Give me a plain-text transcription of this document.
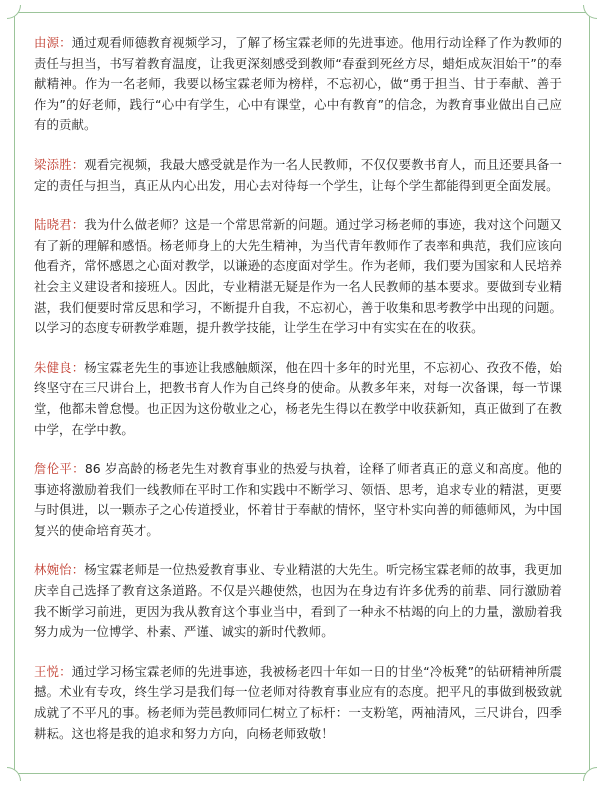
由源：通过观看师德教育视频学习，了解了杨宝霖老师的先进事迹。他用行动诠释了作为教师的责任与担当，书写着教育温度，让我更深刻感受到教师“春蚕到死丝方尽，蜡炬成灰泪始干”的奉献精神。作为一名老师，我要以杨宝霖老师为榜样，不忘初心，做“勇于担当、甘于奉献、善于作为”的好老师，践行“心中有学生，心中有课堂，心中有教育”的信念，为教育事业做出自己应有的贡献。

梁添胜：观看完视频，我最大感受就是作为一名人民教师，不仅仅要教书育人，而且还要具备一定的责任与担当，真正从内心出发，用心去对待每一个学生，让每个学生都能得到更全面发展。

陆晓君：我为什么做老师？这是一个常思常新的问题。通过学习杨老师的事迹，我对这个问题又有了新的理解和感悟。杨老师身上的大先生精神，为当代青年教师作了表率和典范，我们应该向他看齐，常怀感恩之心面对教学，以谦逊的态度面对学生。作为老师，我们要为国家和人民培养社会主义建设者和接班人。因此，专业精湛无疑是作为一名人民教师的基本要求。要做到专业精湛，我们便要时常反思和学习，不断提升自我，不忘初心，善于收集和思考教学中出现的问题。以学习的态度专研教学难题，提升教学技能，让学生在学习中有实实在在的收获。

朱健良：杨宝霖老先生的事迹让我感触颇深，他在四十多年的时光里，不忘初心、孜孜不倦，始终坚守在三尺讲台上，把教书育人作为自己终身的使命。从教多年来，对每一次备课，每一节课堂，他都未曾怠慢。也正因为这份敬业之心，杨老先生得以在教学中收获新知，真正做到了在教中学，在学中教。

詹伦平：86 岁高龄的杨老先生对教育事业的热爱与执着，诠释了师者真正的意义和高度。他的事迹将激励着我们一线教师在平时工作和实践中不断学习、领悟、思考，追求专业的精湛，更要与时俱进，以一颗赤子之心传道授业，怀着甘于奉献的情怀，坚守朴实向善的师德师风，为中国复兴的使命培育英才。

林婉怡：杨宝霖老师是一位热爱教育事业、专业精湛的大先生。听完杨宝霖老师的故事，我更加庆幸自己选择了教育这条道路。不仅是兴趣使然，也因为在身边有许多优秀的前辈、同行激励着我不断学习前进，更因为我从教育这个事业当中，看到了一种永不枯竭的向上的力量，激励着我努力成为一位博学、朴素、严谨、诚实的新时代教师。

王悦：通过学习杨宝霖老师的先进事迹，我被杨老四十年如一日的甘坐“冷板凳”的钻研精神所震撼。术业有专攻，终生学习是我们每一位老师对待教育事业应有的态度。把平凡的事做到极致就成就了不平凡的事。杨老师为莞邑教师同仁树立了标杆：一支粉笔，两袖清风，三尺讲台，四季耕耘。这也将是我的追求和努力方向，向杨老师致敬！
